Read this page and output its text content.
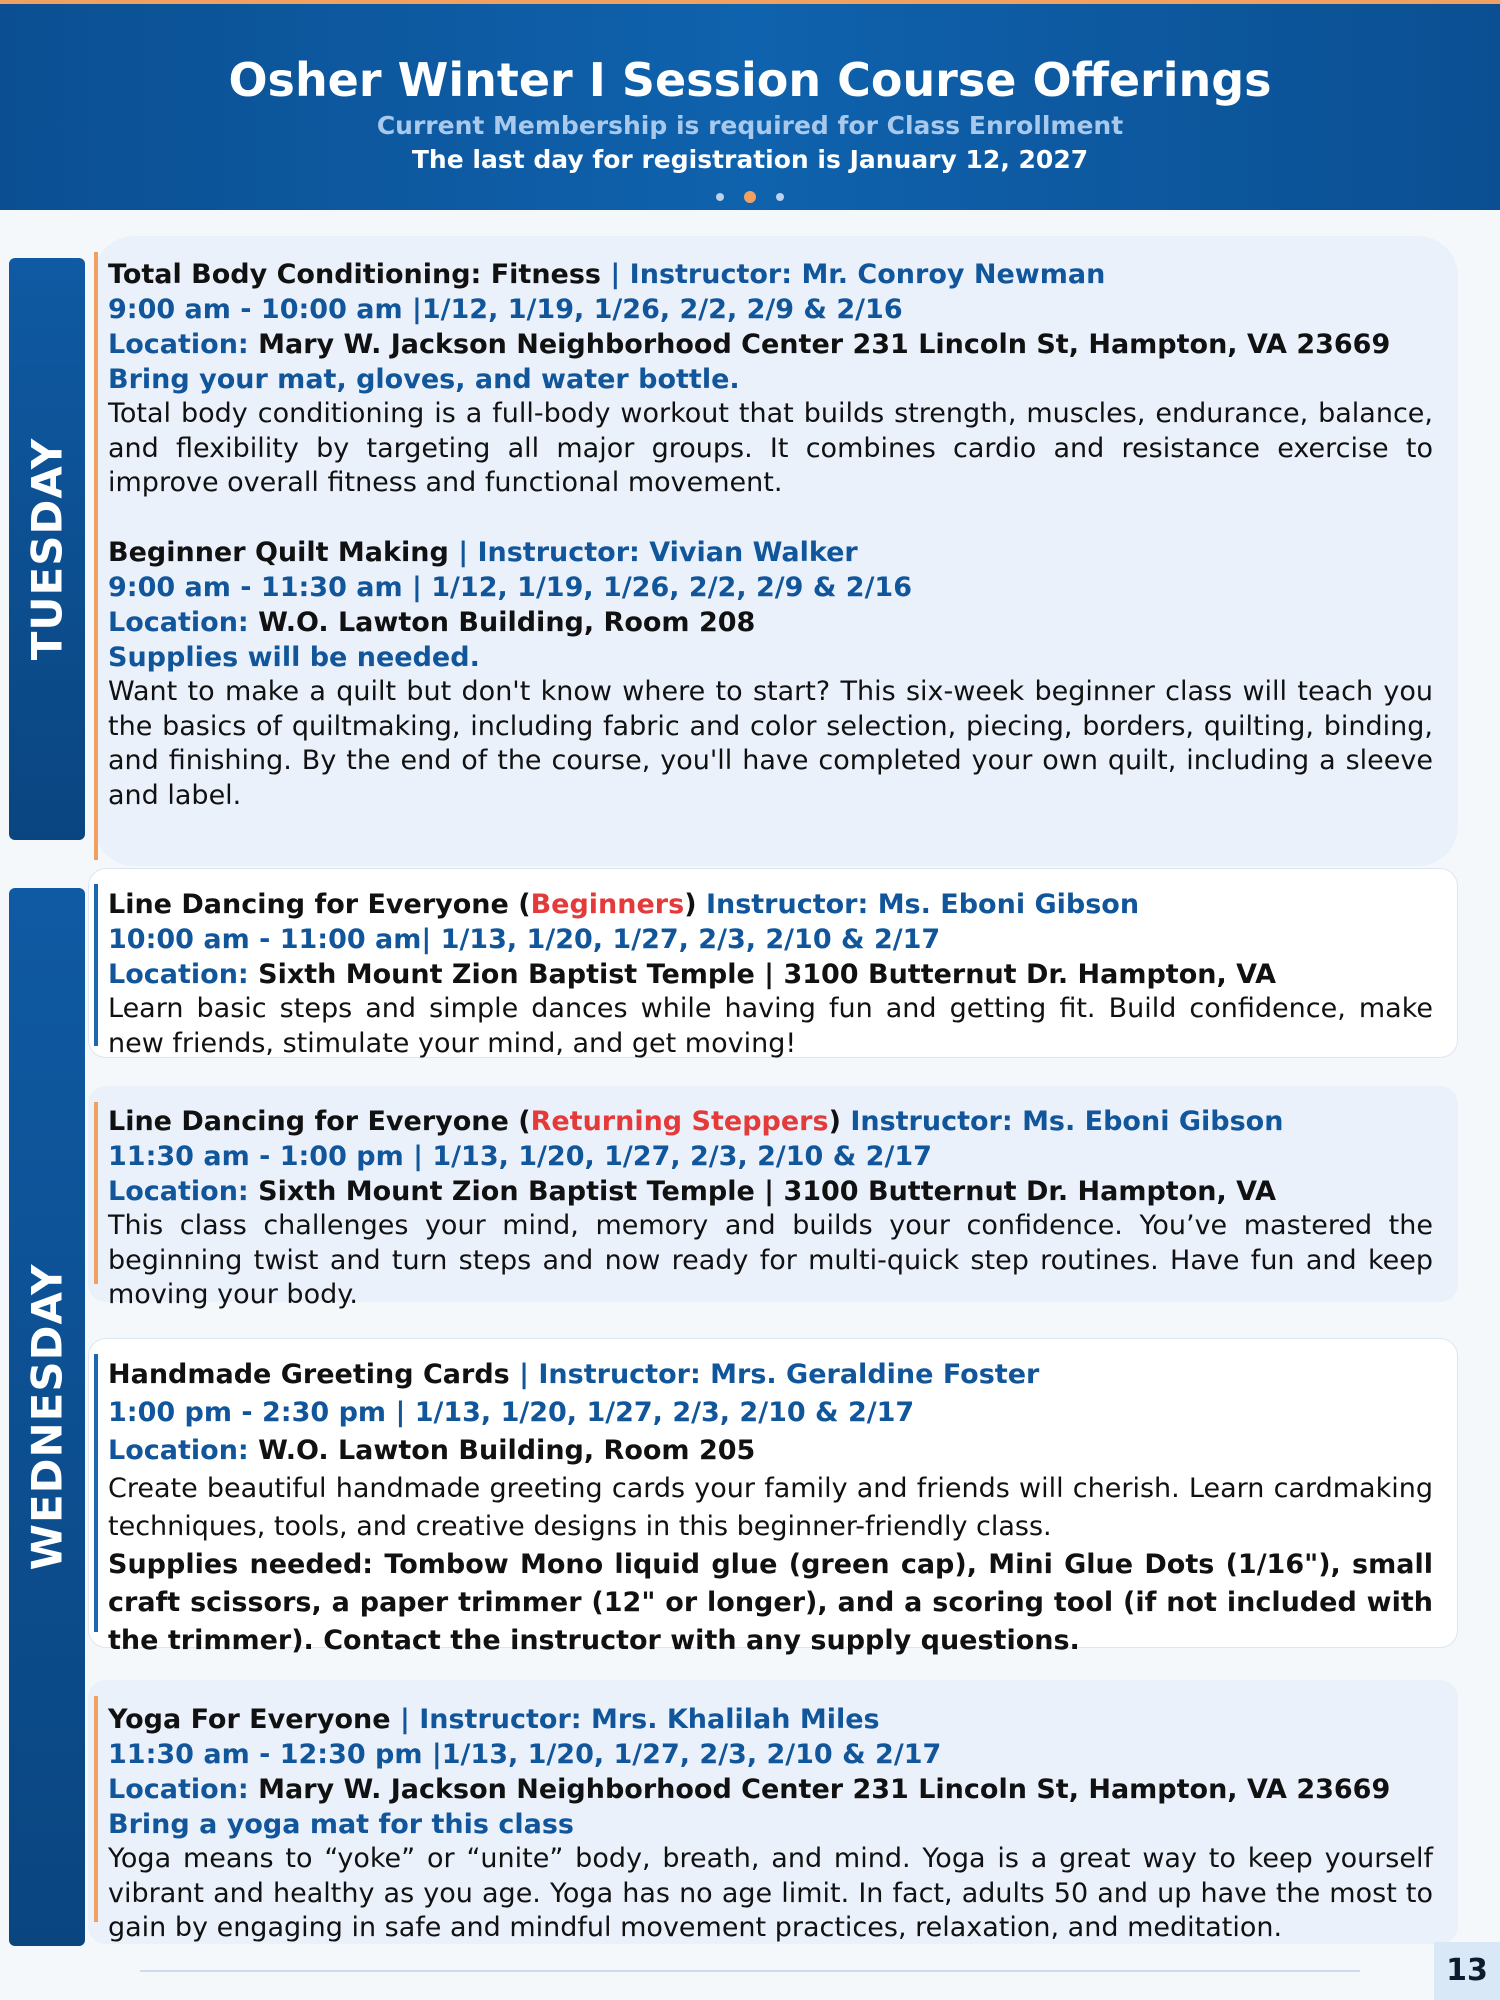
Osher Winter I Session Course Offerings
Current Membership is required for Class Enrollment
The last day for registration is January 12, 2027
TUESDAY
Total Body Conditioning: Fitness | Instructor: Mr. Conroy Newman
9:00 am - 10:00 am |1/12, 1/19, 1/26, 2/2, 2/9 & 2/16
Location: Mary W. Jackson Neighborhood Center 231 Lincoln St, Hampton, VA 23669
Bring your mat, gloves, and water bottle.
Total body conditioning is a full-body workout that builds strength, muscles, endurance, balance, and flexibility by targeting all major groups. It combines cardio and resistance exercise to improve overall fitness and functional movement.
Beginner Quilt Making | Instructor: Vivian Walker
9:00 am - 11:30 am | 1/12, 1/19, 1/26, 2/2, 2/9 & 2/16
Location: W.O. Lawton Building, Room 208
Supplies will be needed.
Want to make a quilt but don't know where to start? This six-week beginner class will teach you the basics of quiltmaking, including fabric and color selection, piecing, borders, quilting, binding, and finishing. By the end of the course, you'll have completed your own quilt, including a sleeve and label.
WEDNESDAY
Line Dancing for Everyone (Beginners) Instructor: Ms. Eboni Gibson
10:00 am - 11:00 am| 1/13, 1/20, 1/27, 2/3, 2/10 & 2/17
Location: Sixth Mount Zion Baptist Temple | 3100 Butternut Dr. Hampton, VA
Learn basic steps and simple dances while having fun and getting fit. Build confidence, make new friends, stimulate your mind, and get moving!
Line Dancing for Everyone (Returning Steppers) Instructor: Ms. Eboni Gibson
11:30 am - 1:00 pm | 1/13, 1/20, 1/27, 2/3, 2/10 & 2/17
Location: Sixth Mount Zion Baptist Temple | 3100 Butternut Dr. Hampton, VA
This class challenges your mind, memory and builds your confidence. You’ve mastered the beginning twist and turn steps and now ready for multi-quick step routines. Have fun and keep moving your body.
Handmade Greeting Cards | Instructor: Mrs. Geraldine Foster
1:00 pm - 2:30 pm | 1/13, 1/20, 1/27, 2/3, 2/10 & 2/17
Location: W.O. Lawton Building, Room 205
Create beautiful handmade greeting cards your family and friends will cherish. Learn cardmaking techniques, tools, and creative designs in this beginner-friendly class.
Supplies needed: Tombow Mono liquid glue (green cap), Mini Glue Dots (1/16"), small craft scissors, a paper trimmer (12" or longer), and a scoring tool (if not included with the trimmer). Contact the instructor with any supply questions.
Yoga For Everyone | Instructor: Mrs. Khalilah Miles
11:30 am - 12:30 pm |1/13, 1/20, 1/27, 2/3, 2/10 & 2/17
Location: Mary W. Jackson Neighborhood Center 231 Lincoln St, Hampton, VA 23669
Bring a yoga mat for this class
Yoga means to “yoke” or “unite” body, breath, and mind. Yoga is a great way to keep yourself vibrant and healthy as you age. Yoga has no age limit. In fact, adults 50 and up have the most to gain by engaging in safe and mindful movement practices, relaxation, and meditation.
13
